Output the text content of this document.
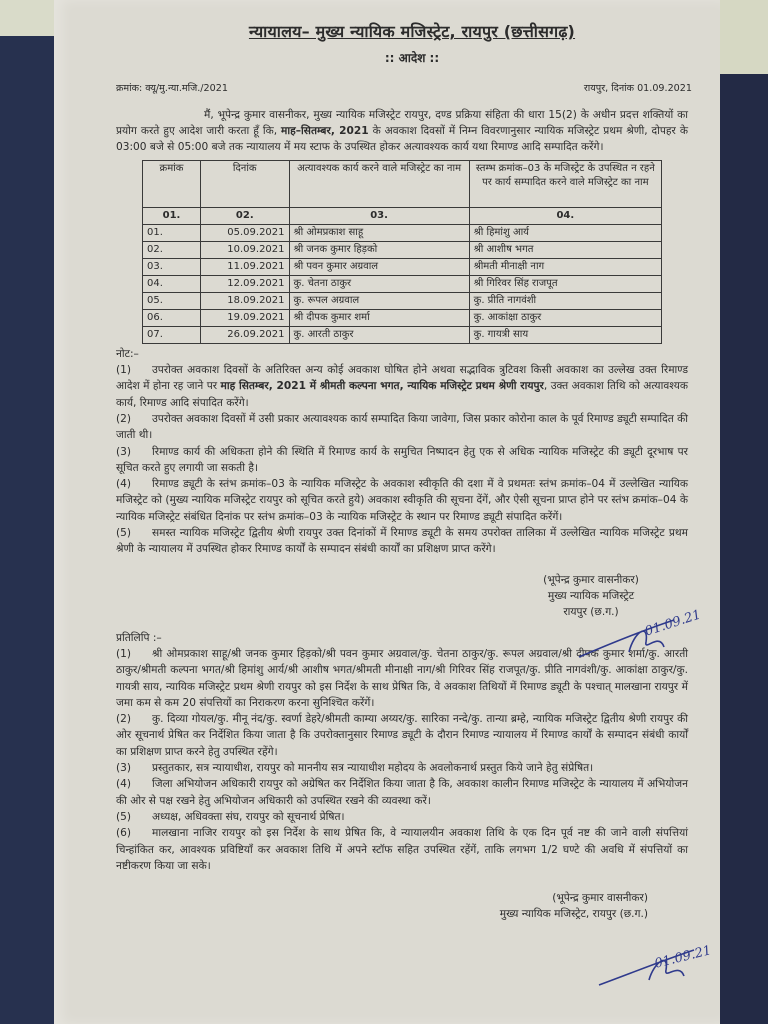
न्यायालय– मुख्य न्यायिक मजिस्ट्रेट, रायपुर (छत्तीसगढ़)
:: आदेश ::
क्रमांक: क्यू/मु.न्या.मजि./2021	रायपुर, दिनांक 01.09.2021

मैं, भूपेन्द्र कुमार वासनीकर, मुख्य न्यायिक मजिस्ट्रेट रायपुर, दण्ड प्रक्रिया संहिता की धारा 15(2) के अधीन प्रदत्त शक्तियों का प्रयोग करते हुए आदेश जारी करता हूँ कि, माह–सितम्बर, 2021 के अवकाश दिवसों में निम्न विवरणानुसार न्यायिक मजिस्ट्रेट प्रथम श्रेणी, दोपहर के 03:00 बजे से 05:00 बजे तक न्यायालय में मय स्टाफ के उपस्थित होकर अत्यावश्यक कार्य यथा रिमाण्ड आदि सम्पादित करेंगे।

क्रमांक	दिनांक	अत्यावश्यक कार्य करने वाले मजिस्ट्रेट का नाम	स्तम्भ क्रमांक–03 के मजिस्ट्रेट के उपस्थित न रहने पर कार्य सम्पादित करने वाले मजिस्ट्रेट का नाम
01.	02.	03.	04.
01.	05.09.2021	श्री ओमप्रकाश साहू	श्री हिमांशु आर्य
02.	10.09.2021	श्री जनक कुमार हिड़को	श्री आशीष भगत
03.	11.09.2021	श्री पवन कुमार अग्रवाल	श्रीमती मीनाक्षी नाग
04.	12.09.2021	कु. चेतना ठाकुर	श्री गिरिवर सिंह राजपूत
05.	18.09.2021	कु. रूपल अग्रवाल	कु. प्रीति नागवंशी
06.	19.09.2021	श्री दीपक कुमार शर्मा	कु. आकांक्षा ठाकुर
07.	26.09.2021	कु. आरती ठाकुर	कु. गायत्री साय
नोट:–

(1) उपरोक्त अवकाश दिवसों के अतिरिक्त अन्य कोई अवकाश घोषित होने अथवा सद्भाविक त्रुटिवश किसी अवकाश का उल्लेख उक्त रिमाण्ड आदेश में होना रह जाने पर माह सितम्बर, 2021 में श्रीमती कल्पना भगत, न्यायिक मजिस्ट्रेट प्रथम श्रेणी रायपुर, उक्त अवकाश तिथि को अत्यावश्यक कार्य, रिमाण्ड आदि संपादित करेंगे।

(2) उपरोक्त अवकाश दिवसों में उसी प्रकार अत्यावश्यक कार्य सम्पादित किया जावेगा, जिस प्रकार कोरोना काल के पूर्व रिमाण्ड ड्यूटी सम्पादित की जाती थी।

(3) रिमाण्ड कार्य की अधिकता होने की स्थिति में रिमाण्ड कार्य के समुचित निष्पादन हेतु एक से अधिक न्यायिक मजिस्ट्रेट की ड्यूटी दूरभाष पर सूचित करते हुए लगायी जा सकती है।

(4) रिमाण्ड ड्यूटी के स्तंभ क्रमांक–03 के न्यायिक मजिस्ट्रेट के अवकाश स्वीकृति की दशा में वे प्रथमतः स्तंभ क्रमांक–04 में उल्लेखित न्यायिक मजिस्ट्रेट को (मुख्य न्यायिक मजिस्ट्रेट रायपुर को सूचित करते हुये) अवकाश स्वीकृति की सूचना देंगें, और ऐसी सूचना प्राप्त होने पर स्तंभ क्रमांक–04 के न्यायिक मजिस्ट्रेट संबंधित दिनांक पर स्तंभ क्रमांक–03 के न्यायिक मजिस्ट्रेट के स्थान पर रिमाण्ड ड्यूटी संपादित करेंगें।

(5) समस्त न्यायिक मजिस्ट्रेट द्वितीय श्रेणी रायपुर उक्त दिनांकों में रिमाण्ड ड्यूटी के समय उपरोक्त तालिका में उल्लेखित न्यायिक मजिस्ट्रेट प्रथम श्रेणी के न्यायालय में उपस्थित होकर रिमाण्ड कार्यों के सम्पादन संबंधी कार्यों का प्रशिक्षण प्राप्त करेंगे।

(भूपेन्द्र कुमार वासनीकर)
मुख्य न्यायिक मजिस्ट्रेट
रायपुर (छ.ग.)
प्रतिलिपि :–

(1) श्री ओमप्रकाश साहू/श्री जनक कुमार हिड़को/श्री पवन कुमार अग्रवाल/कु. चेतना ठाकुर/कु. रूपल अग्रवाल/श्री दीपक कुमार शर्मा/कु. आरती ठाकुर/श्रीमती कल्पना भगत/श्री हिमांशु आर्य/श्री आशीष भगत/श्रीमती मीनाक्षी नाग/श्री गिरिवर सिंह राजपूत/कु. प्रीति नागवंशी/कु. आकांक्षा ठाकुर/कु. गायत्री साय, न्यायिक मजिस्ट्रेट प्रथम श्रेणी रायपुर को इस निर्देश के साथ प्रेषित कि, वे अवकाश तिथियों में रिमाण्ड ड्यूटी के पश्चात् मालखाना रायपुर में जमा कम से कम 20 संपत्तियों का निराकरण करना सुनिश्चित करेंगें।

(2) कु. दिव्या गोयल/कु. मीनू नंद/कु. स्वर्णा डेहरे/श्रीमती काम्या अय्यर/कु. सारिका नन्दे/कु. तान्या ब्रम्हे, न्यायिक मजिस्ट्रेट द्वितीय श्रेणी रायपुर की ओर सूचनार्थ प्रेषित कर निर्देशित किया जाता है कि उपरोक्तानुसार रिमाण्ड ड्यूटी के दौरान रिमाण्ड न्यायालय में रिमाण्ड कार्यों के सम्पादन संबंधी कार्यों का प्रशिक्षण प्राप्त करने हेतु उपस्थित रहेंगे।

(3) प्रस्तुतकार, सत्र न्यायाधीश, रायपुर को माननीय सत्र न्यायाधीश महोदय के अवलोकनार्थ प्रस्तुत किये जाने हेतु संप्रेषित।

(4) जिला अभियोजन अधिकारी रायपुर को अग्रेषित कर निर्देशित किया जाता है कि, अवकाश कालीन रिमाण्ड मजिस्ट्रेट के न्यायालय में अभियोजन की ओर से पक्ष रखने हेतु अभियोजन अधिकारी को उपस्थित रखने की व्यवस्था करें।

(5) अध्यक्ष, अधिवक्ता संघ, रायपुर को सूचनार्थ प्रेषित।

(6) मालखाना नाजिर रायपुर को इस निर्देश के साथ प्रेषित कि, वे न्यायालयीन अवकाश तिथि के एक दिन पूर्व नष्ट की जाने वाली संपत्तियां चिन्हांकित कर, आवश्यक प्रविष्टियाँ कर अवकाश तिथि में अपने स्टॉफ सहित उपस्थित रहेंगें, ताकि लगभग 1/2 घण्टे की अवधि में संपत्तियों का नष्टीकरण किया जा सके।

(भूपेन्द्र कुमार वासनीकर)
मुख्य न्यायिक मजिस्ट्रेट, रायपुर (छ.ग.)
01.09.21
01.09.21
